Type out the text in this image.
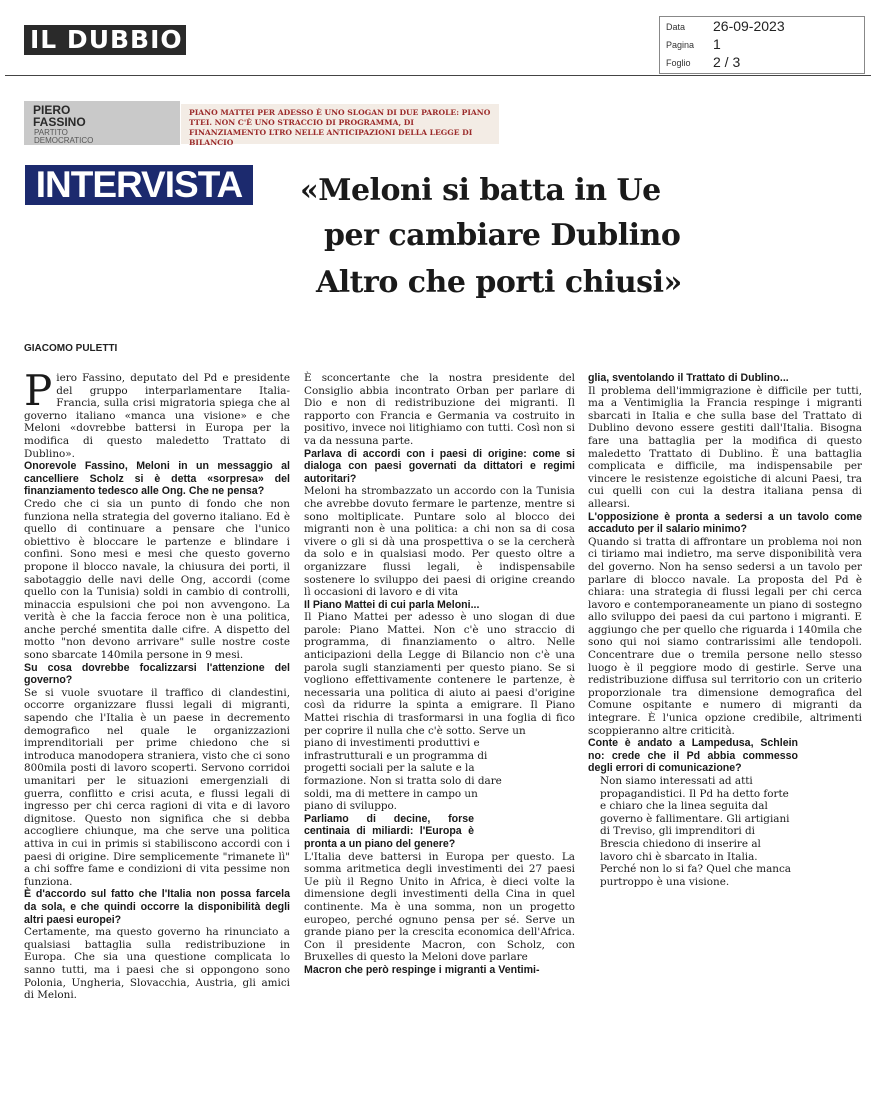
IL DUBBIO	Data 26-09-2023
Pagina 1
Foglio 2 / 3
PIERO
FASSINO
PARTITO
DEMOCRATICO
PIANO MATTEI PER ADESSO È UNO SLOGAN DI DUE PAROLE: PIANO TTEI. NON C'È UNO STRACCIO DI PROGRAMMA, DI FINANZIAMENTO LTRO NELLE ANTICIPAZIONI DELLA LEGGE DI BILANCIO
INTERVISTA	«Meloni si batta in Ue
per cambiare Dublino
Altro che porti chiusi»
GIACOMO PULETTI

Piero Fassino, deputato del Pd e presidente del gruppo interparlamentare Italia-Francia, sulla crisi migratoria spiega che al governo italiano «manca una visione» e che Meloni «dovrebbe battersi in Europa per la modifica di questo maledetto Trattato di Dublino».

Onorevole Fassino, Meloni in un messaggio al cancelliere Scholz si è detta «sorpresa» del finanziamento tedesco alle Ong. Che ne pensa?

Credo che ci sia un punto di fondo che non funziona nella strategia del governo italiano. Ed è quello di continuare a pensare che l'unico obiettivo è bloccare le partenze e blindare i confini. Sono mesi e mesi che questo governo propone il blocco navale, la chiusura dei porti, il sabotaggio delle navi delle Ong, accordi (come quello con la Tunisia) soldi in cambio di controlli, minaccia espulsioni che poi non avvengono. La verità è che la faccia feroce non è una politica, anche perché smentita dalle cifre. A dispetto del motto "non devono arrivare" sulle nostre coste sono sbarcate 140mila persone in 9 mesi.

Su cosa dovrebbe focalizzarsi l'attenzione del governo?

Se si vuole svuotare il traffico di clandestini, occorre organizzare flussi legali di migranti, sapendo che l'Italia è un paese in decremento demografico nel quale le organizzazioni imprenditoriali per prime chiedono che si introduca manodopera straniera, visto che ci sono 800mila posti di lavoro scoperti. Servono corridoi umanitari per le situazioni emergenziali di guerra, conflitto e crisi acuta, e flussi legali di ingresso per chi cerca ragioni di vita e di lavoro dignitose. Questo non significa che si debba accogliere chiunque, ma che serve una politica attiva in cui in primis si stabiliscono accordi con i paesi di origine. Dire semplicemente "rimanete lì" a chi soffre fame e condizioni di vita pessime non funziona.

È d'accordo sul fatto che l'Italia non possa farcela da sola, e che quindi occorre la disponibilità degli altri paesi europei?

Certamente, ma questo governo ha rinunciato a qualsiasi battaglia sulla redistribuzione in Europa. Che sia una questione complicata lo sanno tutti, ma i paesi che si oppongono sono Polonia, Ungheria, Slovacchia, Austria, gli amici di Meloni.

È sconcertante che la nostra presidente del Consiglio abbia incontrato Orban per parlare di Dio e non di redistribuzione dei migranti. Il rapporto con Francia e Germania va costruito in positivo, invece noi litighiamo con tutti. Così non si va da nessuna parte.

Parlava di accordi con i paesi di origine: come si dialoga con paesi governati da dittatori e regimi autoritari?

Meloni ha strombazzato un accordo con la Tunisia che avrebbe dovuto fermare le partenze, mentre si sono moltiplicate. Puntare solo al blocco dei migranti non è una politica: a chi non sa di cosa vivere o gli si dà una prospettiva o se la cercherà da solo e in qualsiasi modo. Per questo oltre a organizzare flussi legali, è indispensabile sostenere lo sviluppo dei paesi di origine creando lì occasioni di lavoro e di vita

Il Piano Mattei di cui parla Meloni...

Il Piano Mattei per adesso è uno slogan di due parole: Piano Mattei. Non c'è uno straccio di programma, di finanziamento o altro. Nelle anticipazioni della Legge di Bilancio non c'è una parola sugli stanziamenti per questo piano. Se si vogliono effettivamente contenere le partenze, è necessaria una politica di aiuto ai paesi d'origine così da ridurre la spinta a emigrare. Il Piano Mattei rischia di trasformarsi in una foglia di fico per coprire il nulla che c'è sotto. Serve un

piano di investimenti produttivi e infrastrutturali e un programma di progetti sociali per la salute e la formazione. Non si tratta solo di dare soldi, ma di mettere in campo un piano di sviluppo.

Parliamo di decine, forse centinaia di miliardi: l'Europa è pronta a un piano del genere?

L'Italia deve battersi in Europa per questo. La somma aritmetica degli investimenti dei 27 paesi Ue più il Regno Unito in Africa, è dieci volte la dimensione degli investimenti della Cina in quel continente. Ma è una somma, non un progetto europeo, perché ognuno pensa per sé. Serve un grande piano per la crescita economica dell'Africa. Con il presidente Macron, con Scholz, con Bruxelles di questo la Meloni dove parlare

Macron che però respinge i migranti a Ventimi-

glia, sventolando il Trattato di Dublino...

Il problema dell'immigrazione è difficile per tutti, ma a Ventimiglia la Francia respinge i migranti sbarcati in Italia e che sulla base del Trattato di Dublino devono essere gestiti dall'Italia. Bisogna fare una battaglia per la modifica di questo maledetto Trattato di Dublino. È una battaglia complicata e difficile, ma indispensabile per vincere le resistenze egoistiche di alcuni Paesi, tra cui quelli con cui la destra italiana pensa di allearsi.

L'opposizione è pronta a sedersi a un tavolo come accaduto per il salario minimo?

Quando si tratta di affrontare un problema noi non ci tiriamo mai indietro, ma serve disponibilità vera del governo. Non ha senso sedersi a un tavolo per parlare di blocco navale. La proposta del Pd è chiara: una strategia di flussi legali per chi cerca lavoro e contemporaneamente un piano di sostegno allo sviluppo dei paesi da cui partono i migranti. E aggiungo che per quello che riguarda i 140mila che sono qui noi siamo contrarissimi alle tendopoli. Concentrare due o tremila persone nello stesso luogo è il peggiore modo di gestirle. Serve una redistribuzione diffusa sul territorio con un criterio proporzionale tra dimensione demografica del Comune ospitante e numero di migranti da integrare. È l'unica opzione credibile, altrimenti scoppieranno altre criticità.

Conte è andato a Lampedusa, Schlein no: crede che il Pd abbia commesso degli errori di comunicazione?

Non siamo interessati ad atti propagandistici. Il Pd ha detto forte e chiaro che la linea seguita dal governo è fallimentare. Gli artigiani di Treviso, gli imprenditori di Brescia chiedono di inserire al lavoro chi è sbarcato in Italia. Perché non lo si fa? Quel che manca purtroppo è una visione.
